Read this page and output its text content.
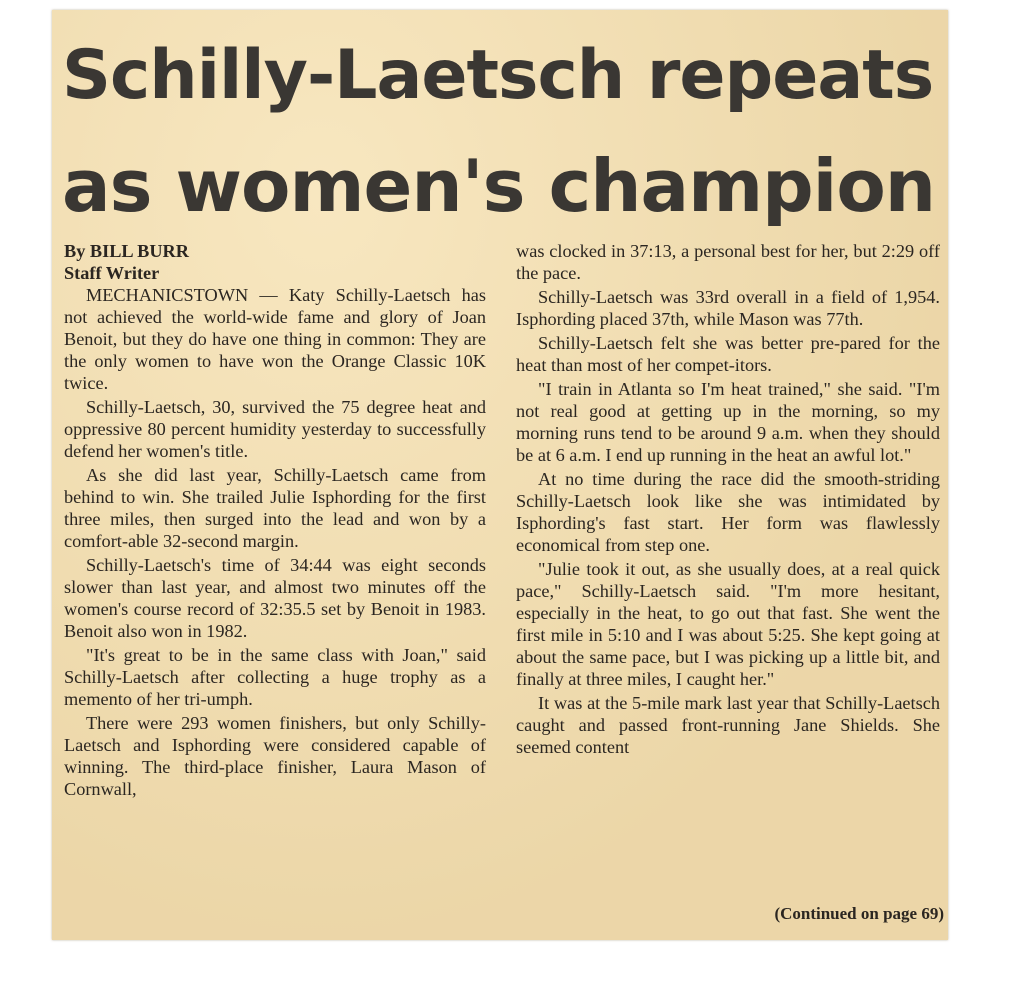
Schilly-Laetsch repeats
as women's champion
By BILL BURR
Staff Writer

MECHANICSTOWN — Katy Schilly-Laetsch has not achieved the world-wide fame and glory of Joan Benoit, but they do have one thing in common: They are the only women to have won the Orange Classic 10K twice.

Schilly-Laetsch, 30, survived the 75 degree heat and oppressive 80 percent humidity yesterday to successfully defend her women's title.

As she did last year, Schilly-Laetsch came from behind to win. She trailed Julie Isphording for the first three miles, then surged into the lead and won by a comfort-able 32-second margin.

Schilly-Laetsch's time of 34:44 was eight seconds slower than last year, and almost two minutes off the women's course record of 32:35.5 set by Benoit in 1983. Benoit also won in 1982.

"It's great to be in the same class with Joan," said Schilly-Laetsch after collecting a huge trophy as a memento of her tri-umph.

There were 293 women finishers, but only Schilly-Laetsch and Isphording were considered capable of winning. The third-place finisher, Laura Mason of Cornwall,

was clocked in 37:13, a personal best for her, but 2:29 off the pace.

Schilly-Laetsch was 33rd overall in a field of 1,954. Isphording placed 37th, while Mason was 77th.

Schilly-Laetsch felt she was better pre-pared for the heat than most of her compet-itors.

"I train in Atlanta so I'm heat trained," she said. "I'm not real good at getting up in the morning, so my morning runs tend to be around 9 a.m. when they should be at 6 a.m. I end up running in the heat an awful lot."

At no time during the race did the smooth-striding Schilly-Laetsch look like she was intimidated by Isphording's fast start. Her form was flawlessly economical from step one.

"Julie took it out, as she usually does, at a real quick pace," Schilly-Laetsch said. "I'm more hesitant, especially in the heat, to go out that fast. She went the first mile in 5:10 and I was about 5:25. She kept going at about the same pace, but I was picking up a little bit, and finally at three miles, I caught her."

It was at the 5-mile mark last year that Schilly-Laetsch caught and passed front-running Jane Shields. She seemed content

(Continued on page 69)
